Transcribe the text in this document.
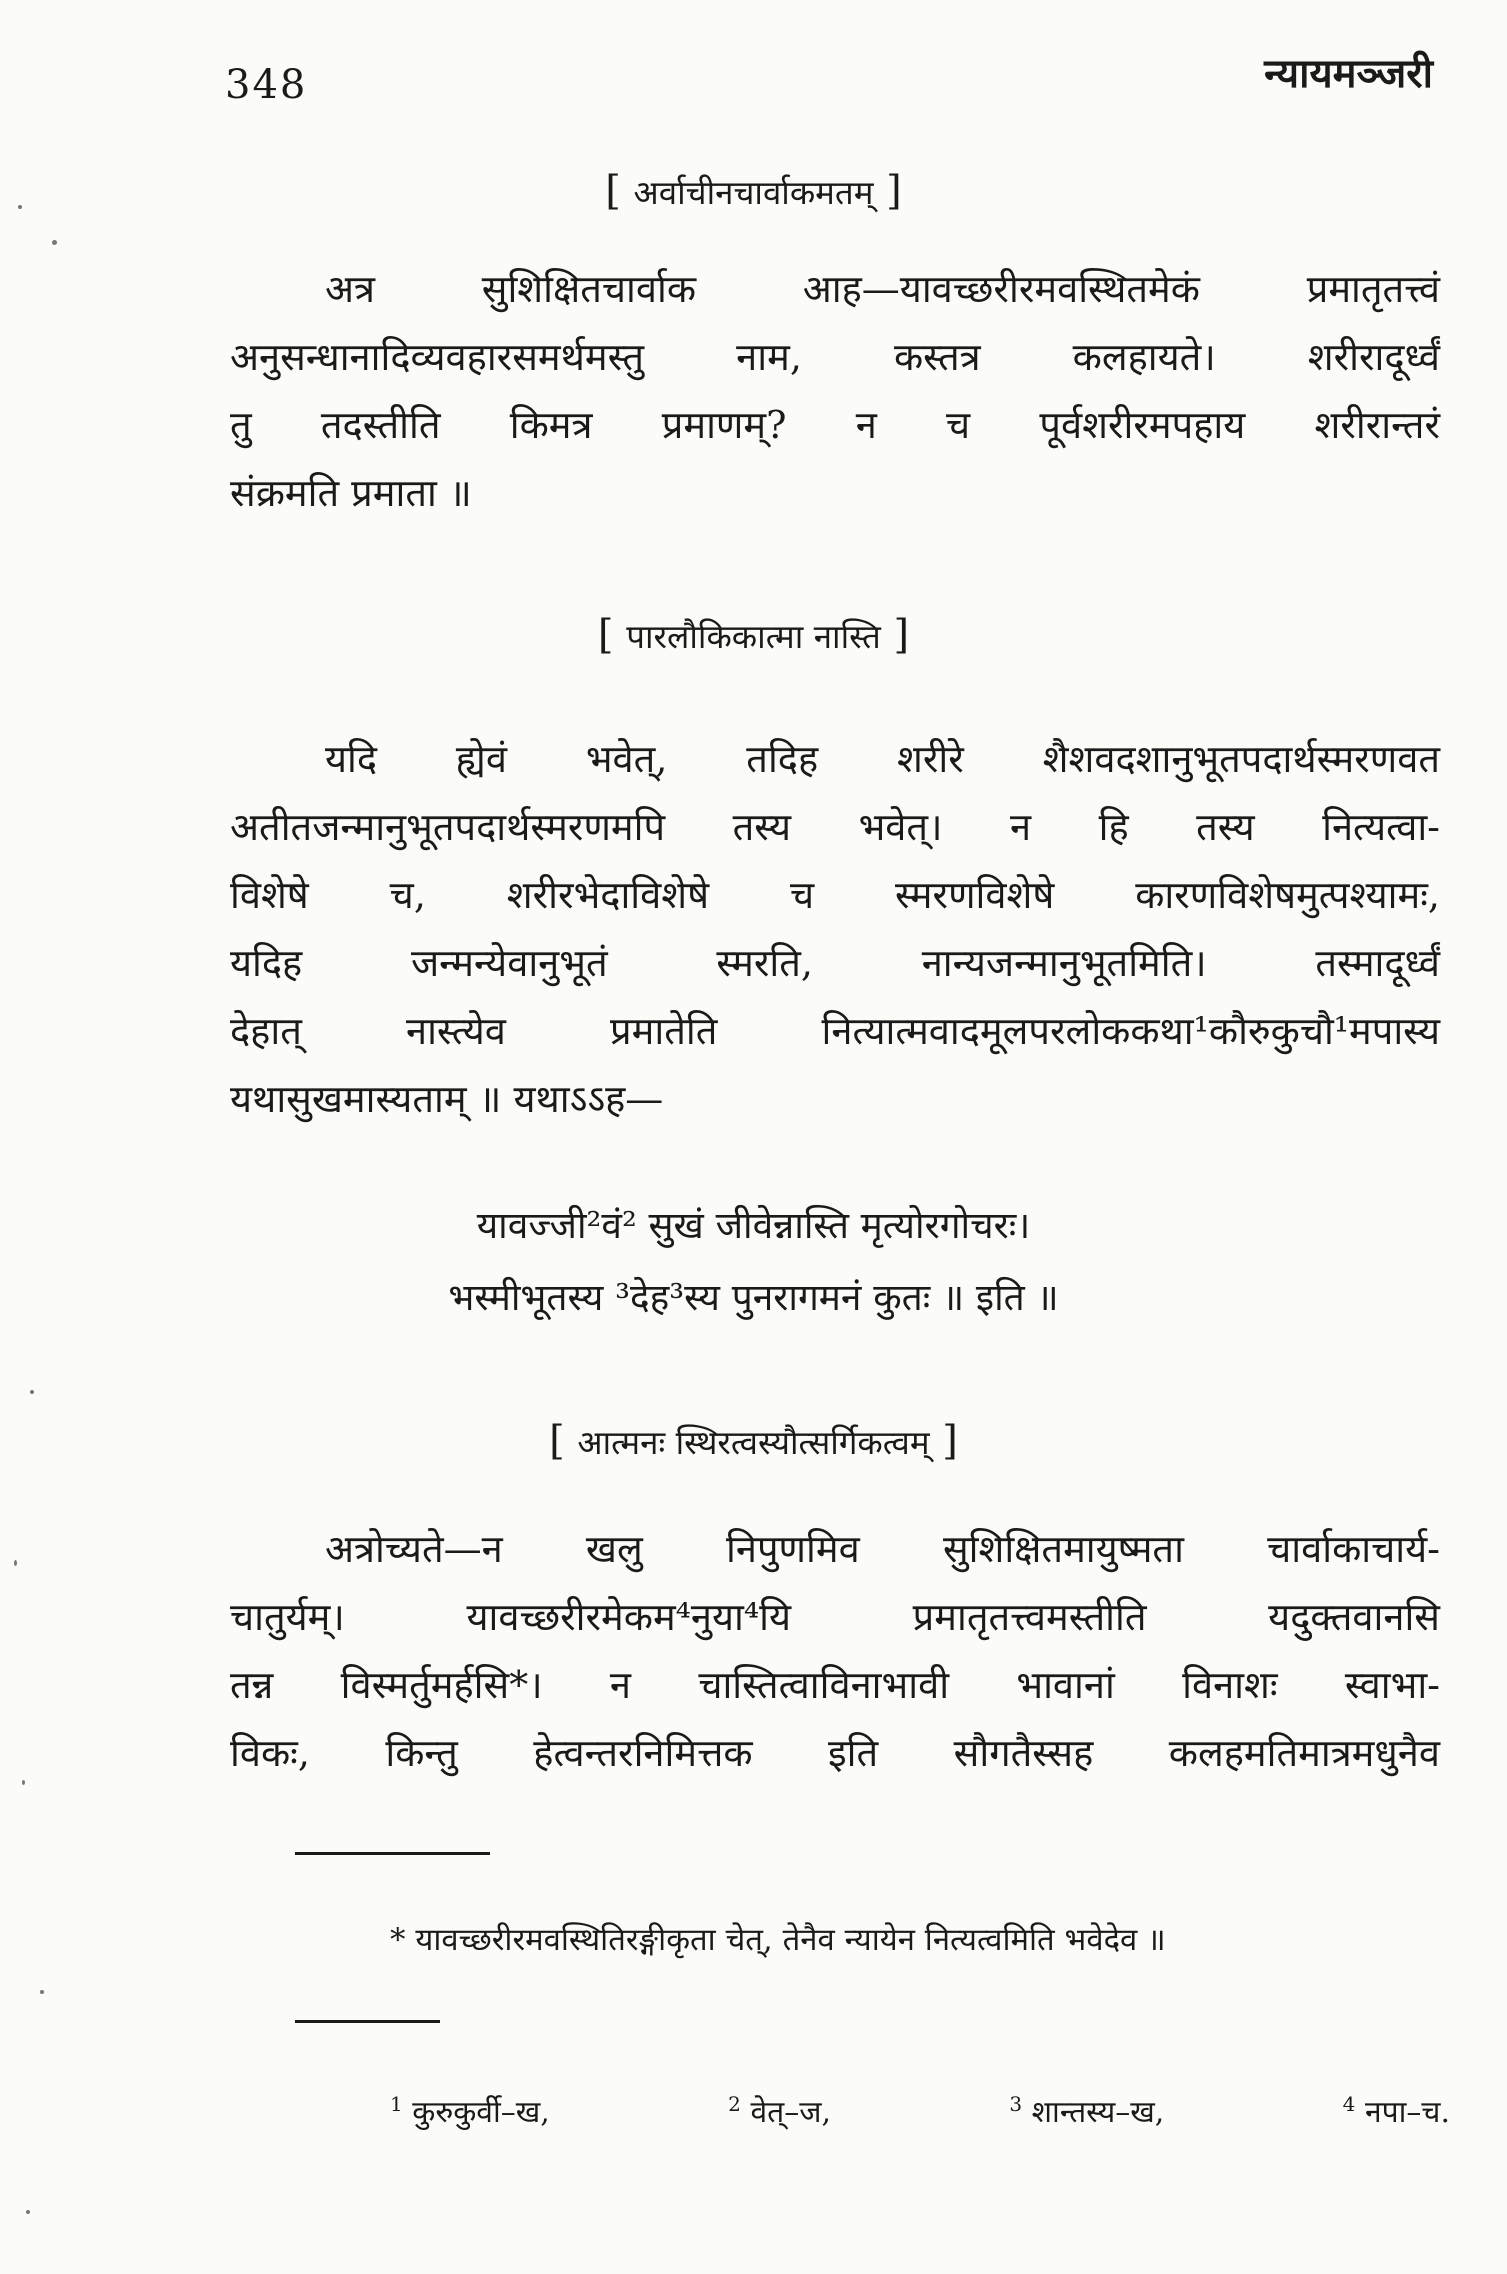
348	न्यायमञ्जरी
[ अर्वाचीनचार्वाकमतम् ]
अत्र सुशिक्षितचार्वाक आह—यावच्छरीरमवस्थितमेकं प्रमातृतत्त्वं
अनुसन्धानादिव्यवहारसमर्थमस्तु नाम, कस्तत्र कलहायते। शरीरादूर्ध्वं
तु तदस्तीति किमत्र प्रमाणम्? न च पूर्वशरीरमपहाय शरीरान्तरं
संक्रमति प्रमाता ॥
[ पारलौकिकात्मा नास्ति ]
यदि ह्येवं भवेत्, तदिह शरीरे शैशवदशानुभूतपदार्थस्मरणवत
अतीतजन्मानुभूतपदार्थस्मरणमपि तस्य भवेत्। न हि तस्य नित्यत्वा-
विशेषे च, शरीरभेदाविशेषे च स्मरणविशेषे कारणविशेषमुत्पश्यामः,
यदिह जन्मन्येवानुभूतं स्मरति, नान्यजन्मानुभूतमिति। तस्मादूर्ध्वं
देहात् नास्त्येव प्रमातेति नित्यात्मवादमूलपरलोककथा¹कौरुकुचौ¹मपास्य
यथासुखमास्यताम् ॥ यथाऽऽह—
यावज्जी²वं² सुखं जीवेन्नास्ति मृत्योरगोचरः।
भस्मीभूतस्य ³देह³स्य पुनरागमनं कुतः ॥ इति ॥
[ आत्मनः स्थिरत्वस्यौत्सर्गिकत्वम् ]
अत्रोच्यते—न खलु निपुणमिव सुशिक्षितमायुष्मता चार्वाकाचार्य-
चातुर्यम्। यावच्छरीरमेकम⁴नुया⁴यि प्रमातृतत्त्वमस्तीति यदुक्तवानसि
तन्न विस्मर्तुमर्हसि*। न चास्तित्वाविनाभावी भावानां विनाशः स्वाभा-
विकः, किन्तु हेत्वन्तरनिमित्तक इति सौगतैस्सह कलहमतिमात्रमधुनैव
* यावच्छरीरमवस्थितिरङ्गीकृता चेत्, तेनैव न्यायेन नित्यत्वमिति भवेदेव ॥
$^1$ कुरुकुर्वी–ख,	$^2$ वेत्–ज,	$^3$ शान्तस्य–ख,	$^4$ नपा–च.
